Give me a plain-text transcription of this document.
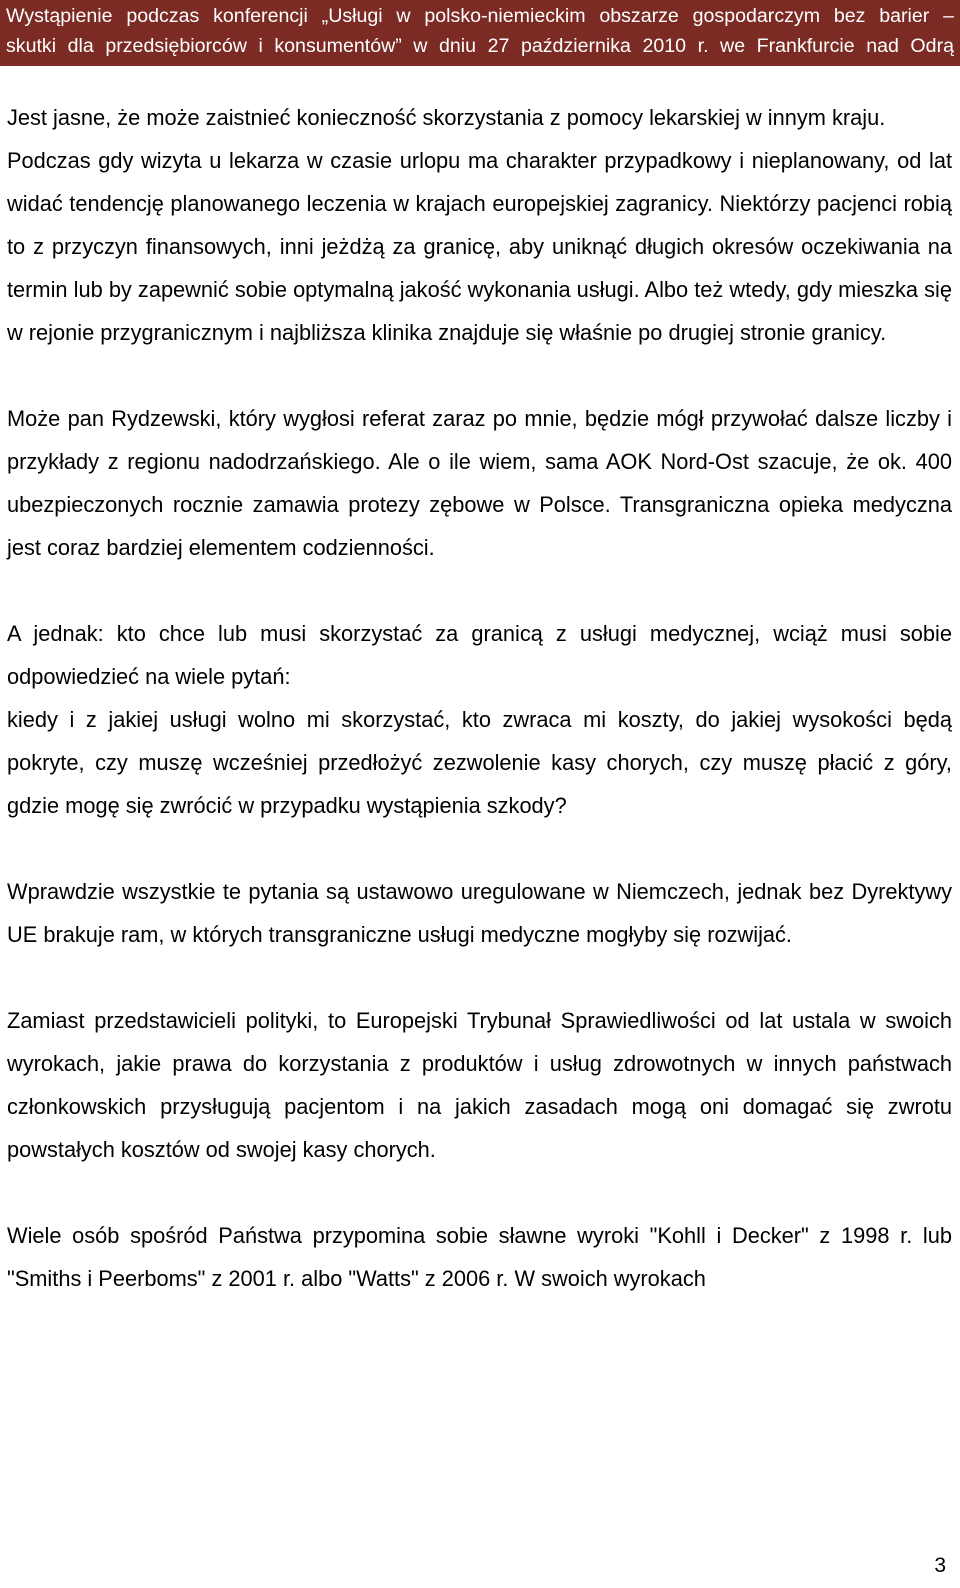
Wystąpienie podczas konferencji „Usługi w polsko-niemieckim obszarze gospodarczym bez barier –
skutki dla przedsiębiorców i konsumentów” w dniu 27 października 2010 r. we Frankfurcie nad Odrą

Jest jasne, że może zaistnieć konieczność skorzystania z pomocy lekarskiej w innym kraju.

Podczas gdy wizyta u lekarza w czasie urlopu ma charakter przypadkowy i nieplanowany, od lat widać tendencję planowanego leczenia w krajach europejskiej zagranicy. Niektórzy pacjenci robią to z przyczyn finansowych, inni jeżdżą za granicę, aby uniknąć długich okresów oczekiwania na termin lub by zapewnić sobie optymalną jakość wykonania usługi. Albo też wtedy, gdy mieszka się w rejonie przygranicznym i najbliższa klinika znajduje się właśnie po drugiej stronie granicy.

Może pan Rydzewski, który wygłosi referat zaraz po mnie, będzie mógł przywołać dalsze liczby i przykłady z regionu nadodrzańskiego. Ale o ile wiem, sama AOK Nord-Ost szacuje, że ok. 400 ubezpieczonych rocznie zamawia protezy zębowe w Polsce. Transgraniczna opieka medyczna jest coraz bardziej elementem codzienności.

A jednak: kto chce lub musi skorzystać za granicą z usługi medycznej, wciąż musi sobie odpowiedzieć na wiele pytań:

kiedy i z jakiej usługi wolno mi skorzystać, kto zwraca mi koszty, do jakiej wysokości będą pokryte, czy muszę wcześniej przedłożyć zezwolenie kasy chorych, czy muszę płacić z góry, gdzie mogę się zwrócić w przypadku wystąpienia szkody?

Wprawdzie wszystkie te pytania są ustawowo uregulowane w Niemczech, jednak bez Dyrektywy UE brakuje ram, w których transgraniczne usługi medyczne mogłyby się rozwijać.

Zamiast przedstawicieli polityki, to Europejski Trybunał Sprawiedliwości od lat ustala w swoich wyrokach, jakie prawa do korzystania z produktów i usług zdrowotnych w innych państwach członkowskich przysługują pacjentom i na jakich zasadach mogą oni domagać się zwrotu powstałych kosztów od swojej kasy chorych.

Wiele osób spośród Państwa przypomina sobie sławne wyroki "Kohll i Decker" z 1998 r. lub "Smiths i Peerboms" z 2001 r. albo "Watts" z 2006 r. W swoich wyrokach

3
